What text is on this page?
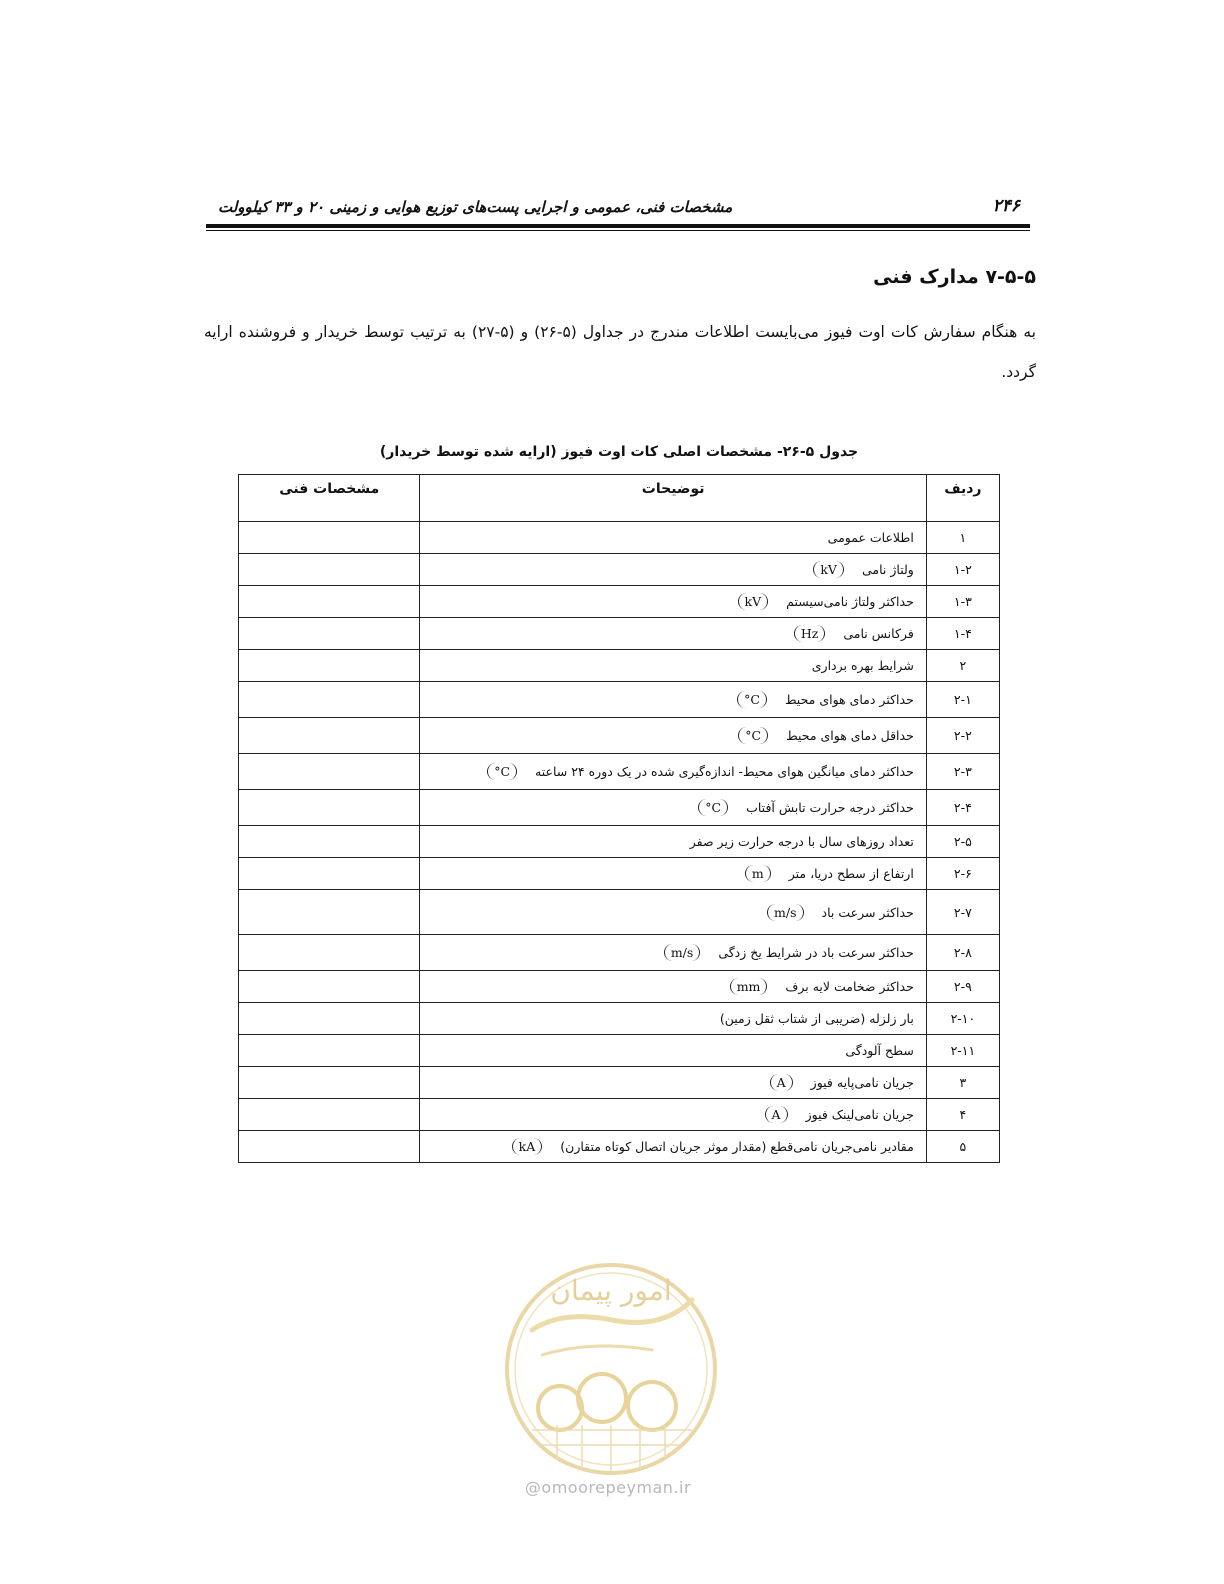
۲۴۶
مشخصات فنی، عمومی و اجرایی پست‌های توزیع هوایی و زمینی ۲۰ و ۳۳ کیلوولت
۷-۵-۵ مدارک فنی
به هنگام سفارش کات اوت فیوز می‌بایست اطلاعات مندرج در جداول (۵-۲۶) و (۵-۲۷) به ترتیب توسط خریدار و فروشنده ارایه گردد.
جدول ۵-۲۶- مشخصات اصلی کات اوت فیوز (ارایه شده توسط خریدار)
ردیف	توضیحات	مشخصات فنی
۱	اطلاعات عمومی	
۱-۲	ولتاژ نامیkV	
۱-۳	حداکثر ولتاژ نامی‌سیستمkV	
۱-۴	فرکانس نامیHz	
۲	شرایط بهره برداری	
۲-۱	حداکثر دمای هوای محیط°C	
۲-۲	حداقل دمای هوای محیط°C	
۲-۳	حداکثر دمای میانگین هوای محیط- اندازه‌گیری شده در یک دوره ۲۴ ساعته°C	
۲-۴	حداکثر درجه حرارت تابش آفتاب°C	
۲-۵	تعداد روزهای سال با درجه حرارت زیر صفر	
۲-۶	ارتفاع از سطح دریا، مترm	
۲-۷	حداکثر سرعت بادm/s	
۲-۸	حداکثر سرعت باد در شرایط یخ زدگیm/s	
۲-۹	حداکثر ضخامت لایه برفmm	
۲-۱۰	بار زلزله (ضریبی از شتاب ثقل زمین)	
۲-۱۱	سطح آلودگی	
۳	جریان نامی‌پایه فیوزA	
۴	جریان نامی‌لینک فیوزA	
۵	مقادیر نامی‌جریان نامی‌قطع (مقدار موثر جریان اتصال کوتاه متقارن)kA	
امور پیمان
@omoorepeyman.ir
